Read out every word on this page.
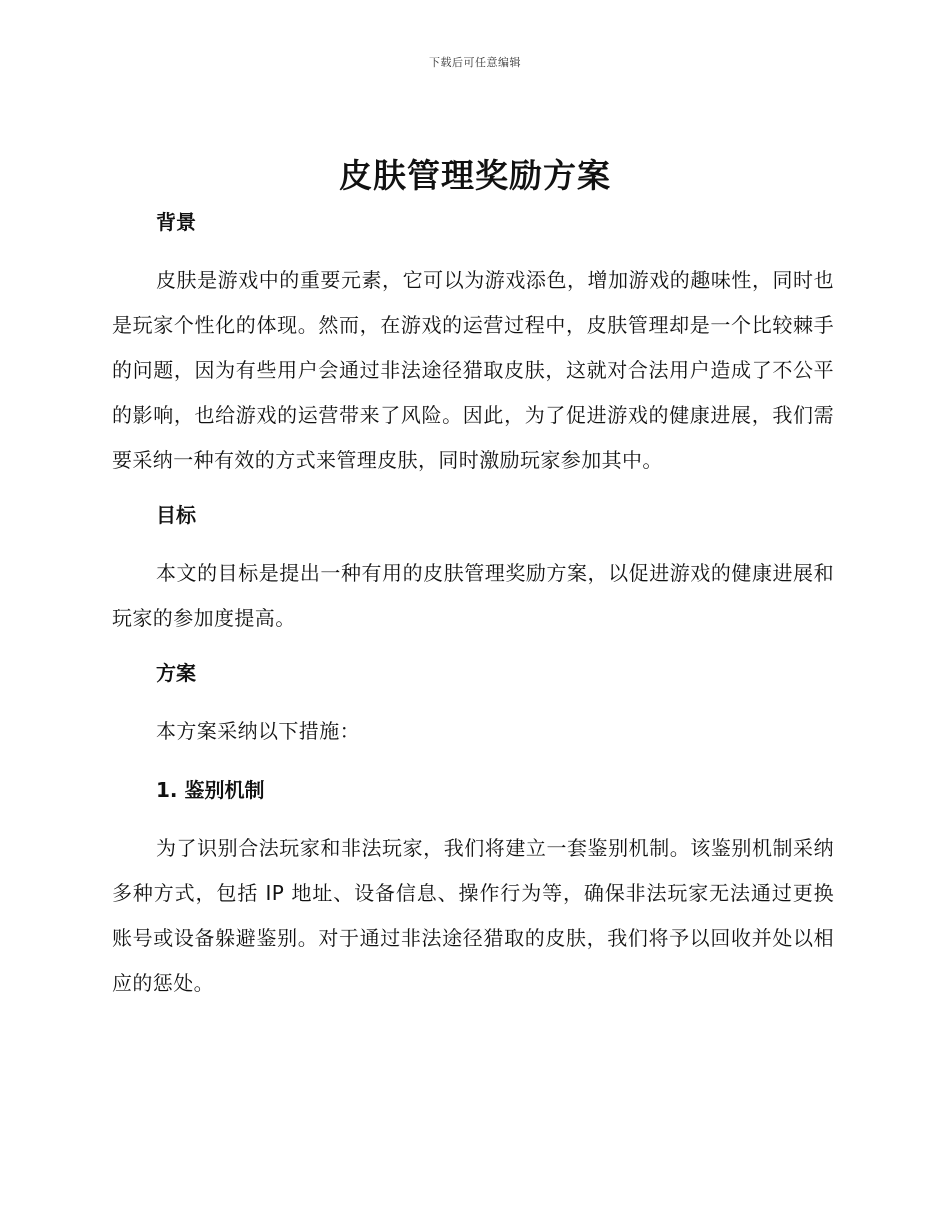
下载后可任意编辑
皮肤管理奖励方案
背景

皮肤是游戏中的重要元素，它可以为游戏添色，增加游戏的趣味性，同时也是玩家个性化的体现。然而，在游戏的运营过程中，皮肤管理却是一个比较棘手的问题，因为有些用户会通过非法途径猎取皮肤，这就对合法用户造成了不公平的影响，也给游戏的运营带来了风险。因此，为了促进游戏的健康进展，我们需要采纳一种有效的方式来管理皮肤，同时激励玩家参加其中。

目标

本文的目标是提出一种有用的皮肤管理奖励方案，以促进游戏的健康进展和玩家的参加度提高。

方案

本方案采纳以下措施：

1. 鉴别机制

为了识别合法玩家和非法玩家，我们将建立一套鉴别机制。该鉴别机制采纳多种方式，包括 IP 地址、设备信息、操作行为等，确保非法玩家无法通过更换账号或设备躲避鉴别。对于通过非法途径猎取的皮肤，我们将予以回收并处以相应的惩处。
